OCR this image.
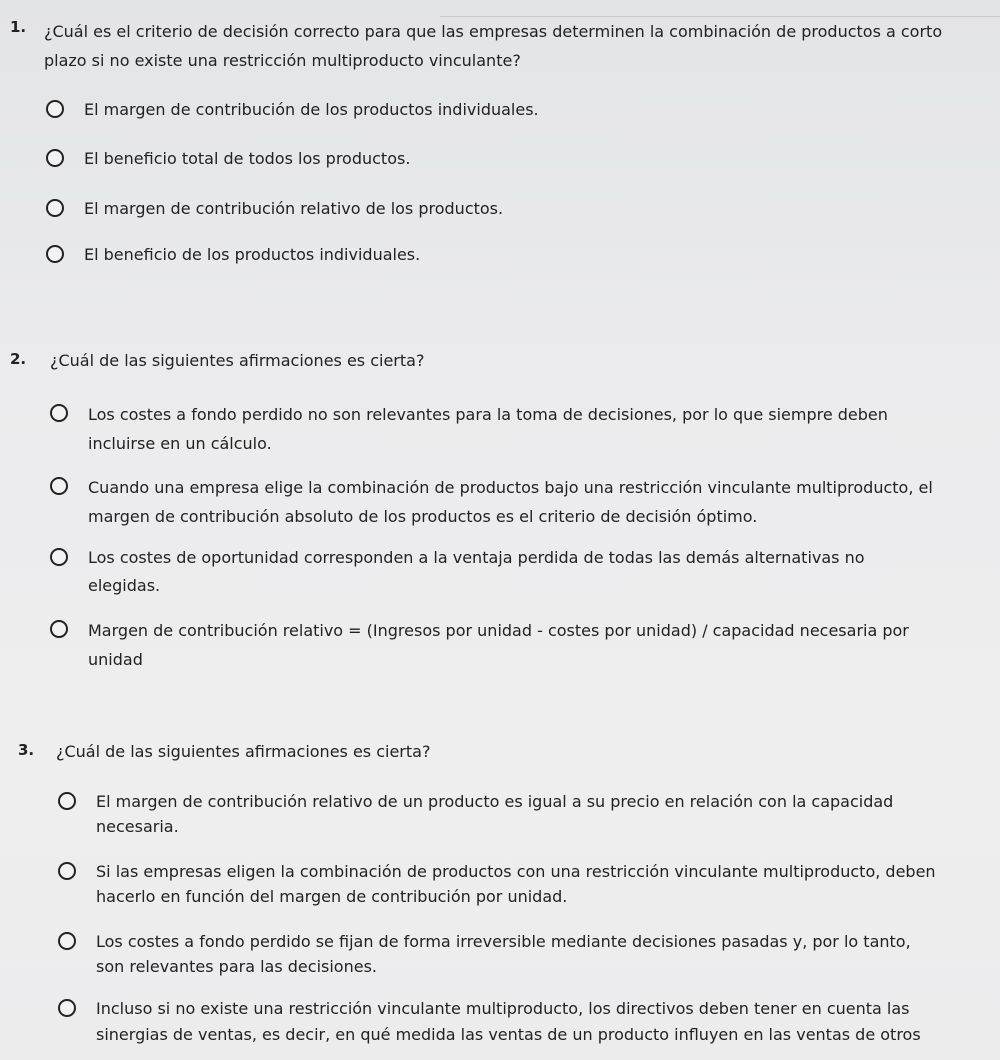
1. ¿Cuál es el criterio de decisión correcto para que las empresas determinen la combinación de productos a corto plazo si no existe una restricción multiproducto vinculante?
El margen de contribución de los productos individuales.
El beneficio total de todos los productos.
El margen de contribución relativo de los productos.
El beneficio de los productos individuales.
2. ¿Cuál de las siguientes afirmaciones es cierta?
Los costes a fondo perdido no son relevantes para la toma de decisiones, por lo que siempre deben incluirse en un cálculo.
Cuando una empresa elige la combinación de productos bajo una restricción vinculante multiproducto, el margen de contribución absoluto de los productos es el criterio de decisión óptimo.
Los costes de oportunidad corresponden a la ventaja perdida de todas las demás alternativas no elegidas.
Margen de contribución relativo = (Ingresos por unidad - costes por unidad) / capacidad necesaria por unidad
3. ¿Cuál de las siguientes afirmaciones es cierta?
El margen de contribución relativo de un producto es igual a su precio en relación con la capacidad necesaria.
Si las empresas eligen la combinación de productos con una restricción vinculante multiproducto, deben hacerlo en función del margen de contribución por unidad.
Los costes a fondo perdido se fijan de forma irreversible mediante decisiones pasadas y, por lo tanto, son relevantes para las decisiones.
Incluso si no existe una restricción vinculante multiproducto, los directivos deben tener en cuenta las sinergias de ventas, es decir, en qué medida las ventas de un producto influyen en las ventas de otros
